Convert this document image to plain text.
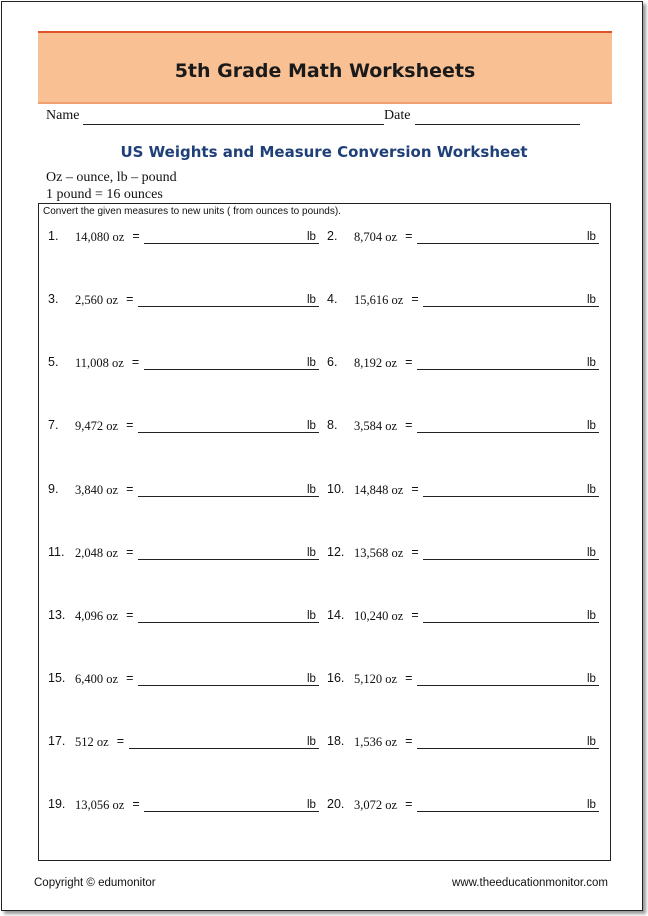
5th Grade Math Worksheets
Name	Date
US Weights and Measure Conversion Worksheet
Oz – ounce, lb – pound
1 pound = 16 ounces
Convert the given measures to new units ( from ounces to pounds).
1. 14,080 oz =	lb 2. 8,704 oz =	lb
3. 2,560 oz =	lb 4. 15,616 oz =	lb
5. 11,008 oz =	lb 6. 8,192 oz =	lb
7. 9,472 oz =	lb 8. 3,584 oz =	lb
9. 3,840 oz =	lb 10. 14,848 oz =	lb
11. 2,048 oz =	lb 12. 13,568 oz =	lb
13. 4,096 oz =	lb 14. 10,240 oz =	lb
15. 6,400 oz =	lb 16. 5,120 oz =	lb
17. 512 oz =	lb 18. 1,536 oz =	lb
19. 13,056 oz =	lb 20. 3,072 oz =	lb
Copyright © edumonitor	www.theeducationmonitor.com
